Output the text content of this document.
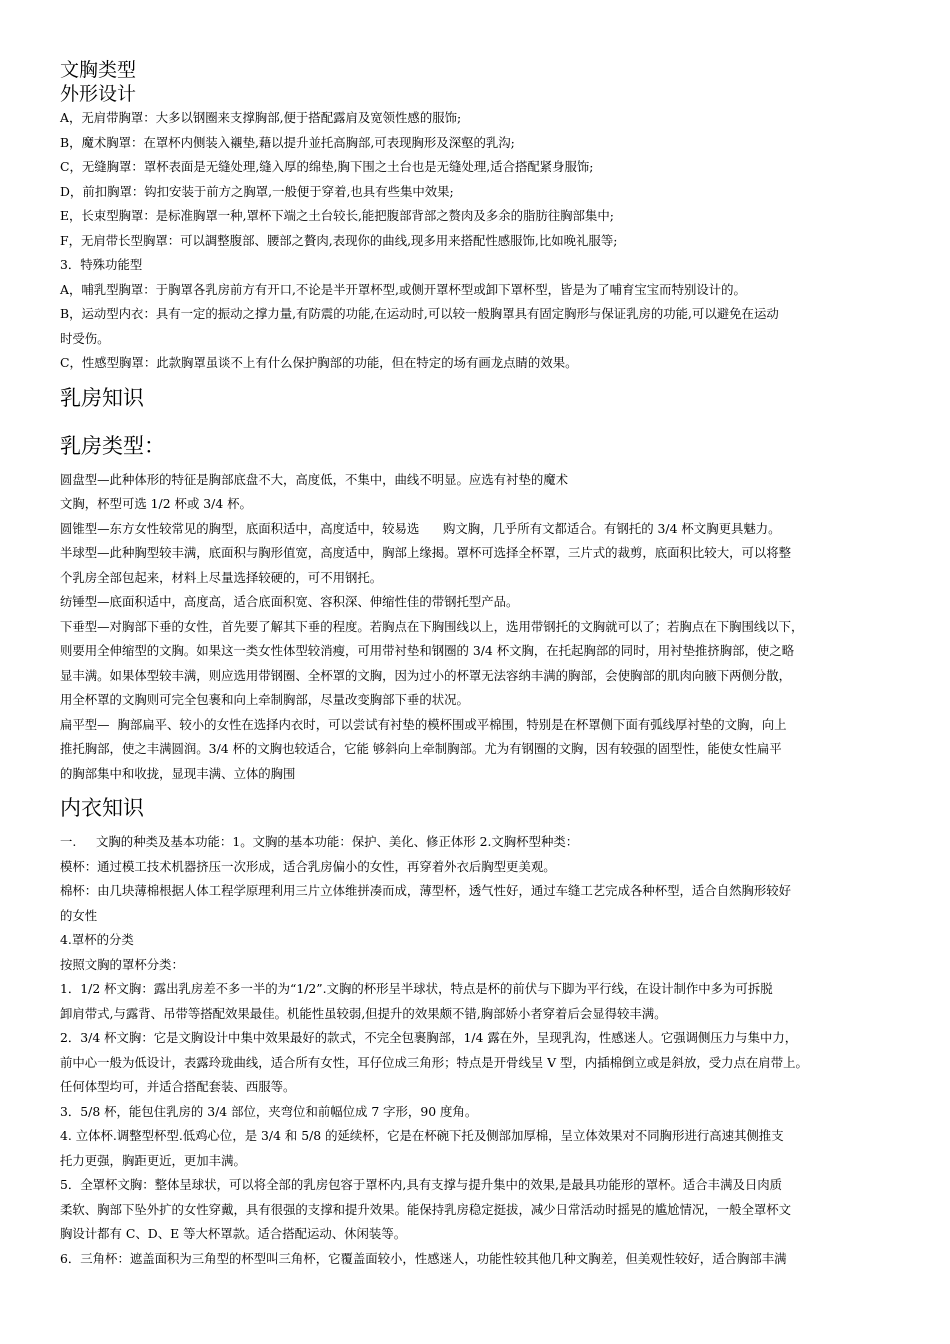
文胸类型
外形设计

A，无肩带胸罩：大多以钢圈来支撑胸部,便于搭配露肩及宽领性感的服饰;

B，魔术胸罩：在罩杯内侧装入襯垫,藉以提升並托高胸部,可表现胸形及深壑的乳沟;

C，无缝胸罩：罩杯表面是无缝处理,缝入厚的绵垫,胸下围之土台也是无缝处理,适合搭配紧身服饰;

D，前扣胸罩：钩扣安装于前方之胸罩,一般便于穿着,也具有些集中效果;

E，长束型胸罩：是标准胸罩一种,罩杯下端之土台较长,能把腹部背部之赘肉及多余的脂肪往胸部集中;

F，无肩带长型胸罩：可以調整腹部、腰部之贅肉,表现你的曲线,现多用来搭配性感服饰,比如晚礼服等;

3．特殊功能型

A，哺乳型胸罩：于胸罩各乳房前方有开口,不论是半开罩杯型,或侧开罩杯型或卸下罩杯型，皆是为了哺育宝宝而特别设计的。

B，运动型内衣：具有一定的振动之撑力量,有防震的功能,在运动时,可以较一般胸罩具有固定胸形与保证乳房的功能,可以避免在运动
时受伤。

C，性感型胸罩：此款胸罩虽谈不上有什么保护胸部的功能，但在特定的场有画龙点睛的效果。

乳房知识
乳房类型：

圆盘型—此种体形的特征是胸部底盘不大，高度低，不集中，曲线不明显。应选有衬垫的魔术
文胸，杯型可选 1/2 杯或 3/4 杯。

圆锥型—东方女性较常见的胸型，底面积适中，高度适中，较易选      购文胸，几乎所有文都适合。有钢托的 3/4 杯文胸更具魅力。

半球型—此种胸型较丰满，底面积与胸形值宽，高度适中，胸部上缘揭。罩杯可选择全杯罩，三片式的裁剪，底面积比较大，可以将整
个乳房全部包起来，材料上尽量选择较硬的，可不用钢托。

纺锤型—底面积适中，高度高，适合底面积宽、容积深、伸缩性佳的带钢托型产品。

下垂型—对胸部下垂的女性，首先要了解其下垂的程度。若胸点在下胸围线以上，选用带钢托的文胸就可以了；若胸点在下胸围线以下，
则要用全伸缩型的文胸。如果这一类女性体型较消瘦，可用带衬垫和钢圈的 3/4 杯文胸，在托起胸部的同时，用衬垫推挤胸部，使之略
显丰满。如果体型较丰满，则应选用带钢圈、全杯罩的文胸，因为过小的杯罩无法容纳丰满的胸部，会使胸部的肌肉向腋下两侧分散，
用全杯罩的文胸则可完全包裹和向上牵制胸部，尽量改变胸部下垂的状况。

扁平型—  胸部扁平、较小的女性在选择内衣时，可以尝试有衬垫的模杯围或平棉围，特别是在杯罩侧下面有弧线厚衬垫的文胸，向上
推托胸部，使之丰满圆润。3/4 杯的文胸也较适合，它能 够斜向上牵制胸部。尤为有钢圈的文胸，因有较强的固型性，能使女性扁平
的胸部集中和收拢，显现丰满、立体的胸围

内衣知识

一.     文胸的种类及基本功能：1。文胸的基本功能：保护、美化、修正体形 2.文胸杯型种类：

模杯：通过模工技术机器挤压一次形成，适合乳房偏小的女性，再穿着外衣后胸型更美观。

棉杯：由几块薄棉根据人体工程学原理利用三片立体维拼凑而成，薄型杯，透气性好，通过车缝工艺完成各种杯型，适合自然胸形较好
的女性

4.罩杯的分类

按照文胸的罩杯分类：

1．1/2 杯文胸：露出乳房差不多一半的为“1/2”.文胸的杯形呈半球状，特点是杯的前伏与下脚为平行线，在设计制作中多为可拆脱
卸肩带式,与露背、吊带等搭配效果最佳。机能性虽较弱,但提升的效果颇不错,胸部娇小者穿着后会显得较丰满。

2．3/4 杯文胸：它是文胸设计中集中效果最好的款式，不完全包裹胸部，1/4 露在外，呈现乳沟，性感迷人。它强调侧压力与集中力，
前中心一般为低设计，表露玲珑曲线，适合所有女性，耳仔位成三角形；特点是开骨线呈 V 型，内插棉倒立或是斜放，受力点在肩带上。
任何体型均可，并适合搭配套装、西服等。

3．5/8 杯，能包住乳房的 3/4 部位，夹弯位和前幅位成 7 字形，90 度角。

4. 立体杯.调整型杯型.低鸡心位，是 3/4 和 5/8 的延续杯，它是在杯碗下托及侧部加厚棉，呈立体效果对不同胸形进行高速其侧推支
托力更强，胸距更近，更加丰满。

5．全罩杯文胸：整体呈球状，可以将全部的乳房包容于罩杯内,具有支撑与提升集中的效果,是最具功能形的罩杯。适合丰满及日肉质
柔软、胸部下坠外扩的女性穿戴，具有很强的支撑和提升效果。能保持乳房稳定挺拔，减少日常活动时摇晃的尴尬情况，一般全罩杯文
胸设计都有 C、D、E 等大杯罩款。适合搭配运动、休闲装等。

6．三角杯：遮盖面积为三角型的杯型叫三角杯，它覆盖面较小，性感迷人，功能性较其他几种文胸差，但美观性较好，适合胸部丰满
